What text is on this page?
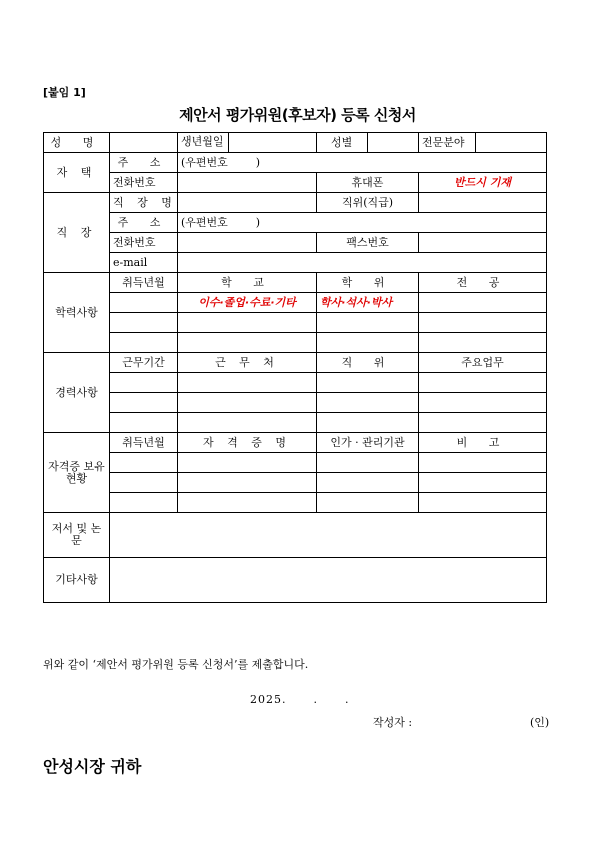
[붙임 1]
제안서 평가위원(후보자) 등록 신청서
성 명		생년월일	성별		전문분야	
자 택	주 소	(우편번호        )				
	전화번호		휴대폰		반드시 기재	
직 장	직 장 명		직위(직급)			
	주 소	(우편번호        )				
	전화번호		팩스번호			
	e-mail					
학력사항	취득년월	학 교	학 위		전 공	
		이수·졸업·수료·기타	학사·석사·박사			

경력사항	근무기간	근 무 처	직 위		주요업무	

자격증 보유현황	취득년월	자 격 증 명	인가 · 관리기관		비 고	

저서 및 논문						
기타사항						
위와 같이 ‘제안서 평가위원 등록 신청서’를 제출합니다.
2025.      .      .
작성자 :	(인)
안성시장 귀하
